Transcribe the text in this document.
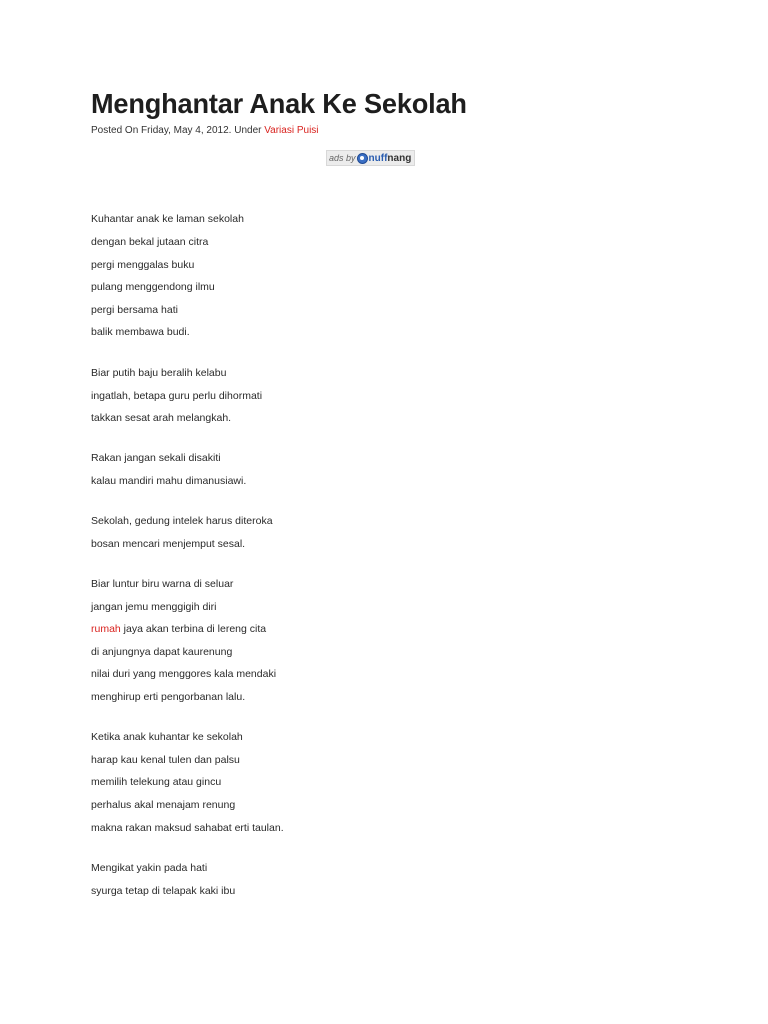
Menghantar Anak Ke Sekolah
Posted On Friday, May 4, 2012. Under Variasi Puisi
ads by nuff nang
Kuhantar anak ke laman sekolah
dengan bekal jutaan citra
pergi menggalas buku
pulang menggendong ilmu
pergi bersama hati
balik membawa budi.
Biar putih baju beralih kelabu
ingatlah, betapa guru perlu dihormati
takkan sesat arah melangkah.
Rakan jangan sekali disakiti
kalau mandiri mahu dimanusiawi.
Sekolah, gedung intelek harus diteroka
bosan mencari menjemput sesal.
Biar luntur biru warna di seluar
jangan jemu menggigih diri
rumah jaya akan terbina di lereng cita
di anjungnya dapat kaurenung
nilai duri yang menggores kala mendaki
menghirup erti pengorbanan lalu.
Ketika anak kuhantar ke sekolah
harap kau kenal tulen dan palsu
memilih telekung atau gincu
perhalus akal menajam renung
makna rakan maksud sahabat erti taulan.
Mengikat yakin pada hati
syurga tetap di telapak kaki ibu
